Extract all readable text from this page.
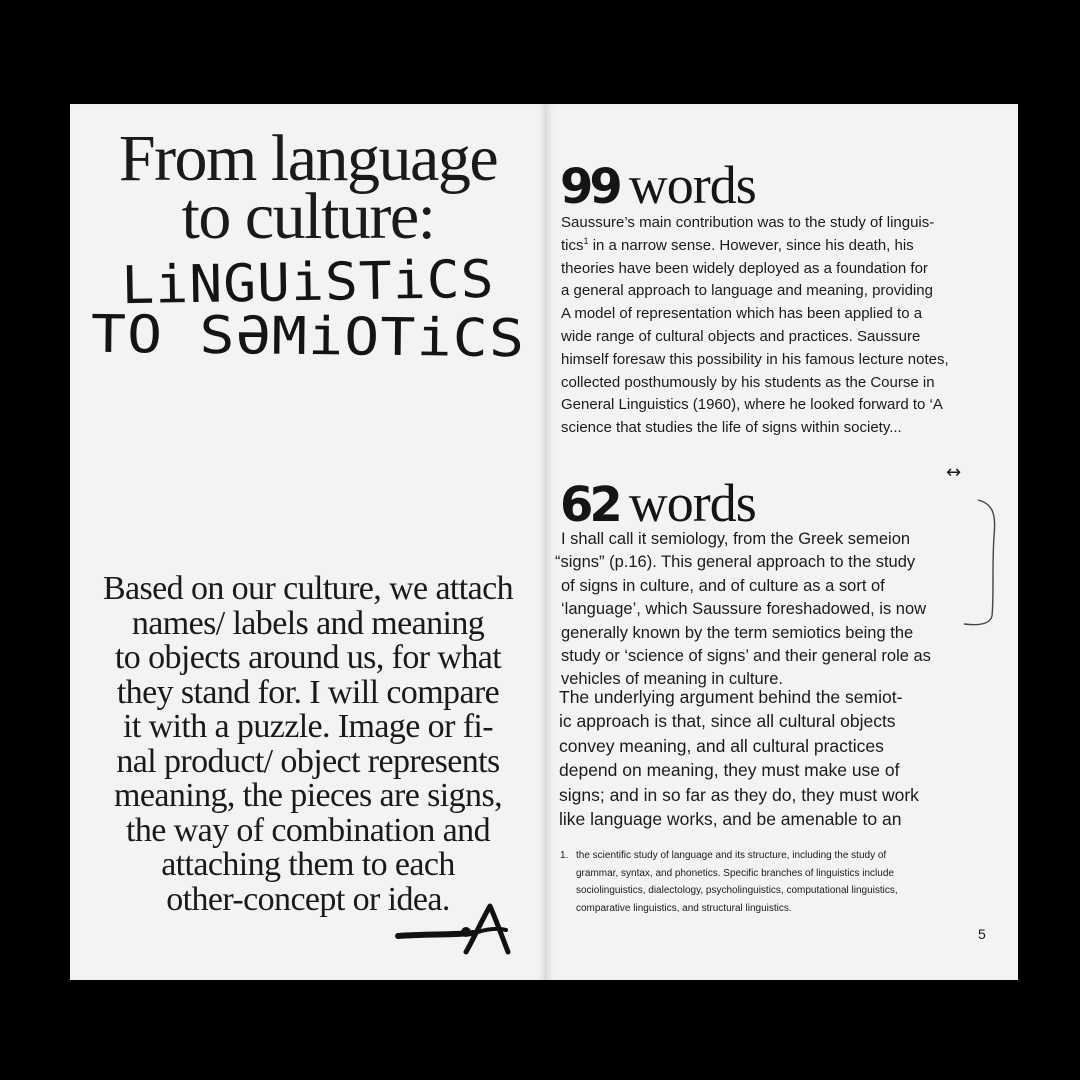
From language
to culture:
LiNGUiSTiCS
TO SƏMiOTiCS
Based on our culture, we attach
names/ labels and meaning
to objects around us, for what
they stand for. I will compare
it with a puzzle. Image or fi-
nal product/ object represents
meaning, the pieces are signs,
the way of combination and
attaching them to each
other-concept or idea.
99 words
Saussure’s main contribution was to the study of linguis-
tics$^1$ in a narrow sense. However, since his death, his
theories have been widely deployed as a foundation for
a general approach to language and meaning, providing
A model of representation which has been applied to a
wide range of cultural objects and practices. Saussure
himself foresaw this possibility in his famous lecture notes,
collected posthumously by his students as the Course in
General Linguistics (1960), where he looked forward to ‘A
science that studies the life of signs within society...
↔
62 words
I shall call it semiology, from the Greek semeion
“signs” (p.16). This general approach to the study
of signs in culture, and of culture as a sort of
‘language’, which Saussure foreshadowed, is now
generally known by the term semiotics being the
study or ‘science of signs’ and their general role as
vehicles of meaning in culture.
The underlying argument behind the semiot-
ic approach is that, since all cultural objects
convey meaning, and all cultural practices
depend on meaning, they must make use of
signs; and in so far as they do, they must work
like language works, and be amenable to an
1. the scientific study of language and its structure, including the study of
grammar, syntax, and phonetics. Specific branches of linguistics include
sociolinguistics, dialectology, psycholinguistics, computational linguistics,
comparative linguistics, and structural linguistics.
5
